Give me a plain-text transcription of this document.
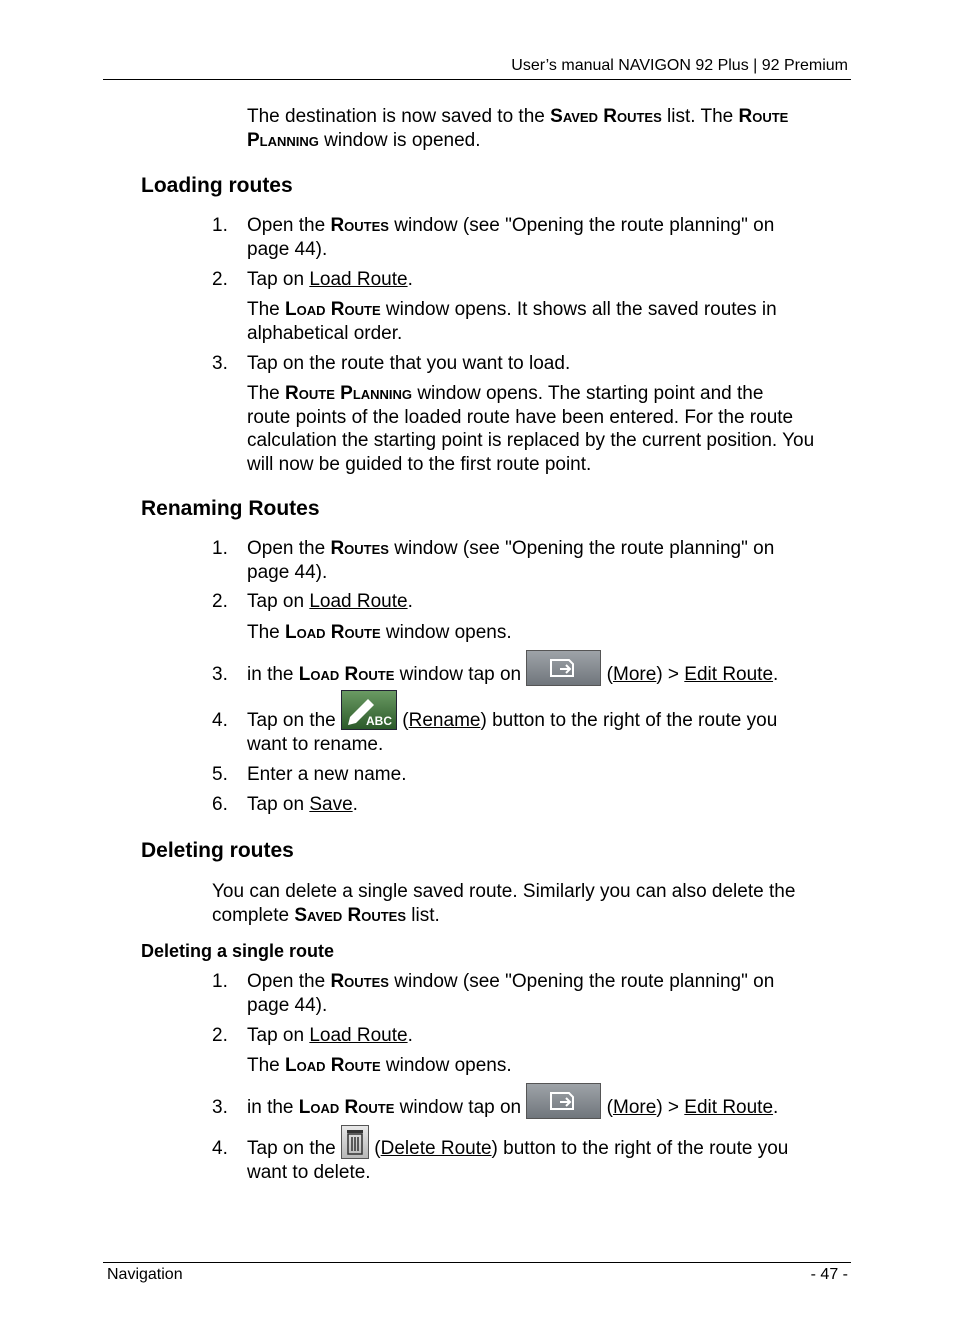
User’s manual NAVIGON 92 Plus | 92 Premium
Navigation	- 47 -
The destination is now saved to the Saved Routes list. The Route
Planning window is opened.
Loading routes
1. Open the Routes window (see "Opening the route planning" on
page 44).
2. Tap on Load Route.
The Load Route window opens. It shows all the saved routes in
alphabetical order.
3. Tap on the route that you want to load.
The Route Planning window opens. The starting point and the
route points of the loaded route have been entered. For the route
calculation the starting point is replaced by the current position. You
will now be guided to the first route point.
Renaming Routes
1. Open the Routes window (see "Opening the route planning" on
page 44).
2. Tap on Load Route.
The Load Route window opens.
3. in the Load Route window tap on	(More) > Edit Route.
4. Tap on the ABC (Rename) button to the right of the route you
want to rename.
5. Enter a new name.
6. Tap on Save.
Deleting routes
You can delete a single saved route. Similarly you can also delete the
complete Saved Routes list.
Deleting a single route
1. Open the Routes window (see "Opening the route planning" on
page 44).
2. Tap on Load Route.
The Load Route window opens.
3. in the Load Route window tap on	(More) > Edit Route.
4. Tap on the  (Delete Route) button to the right of the route you
want to delete.
